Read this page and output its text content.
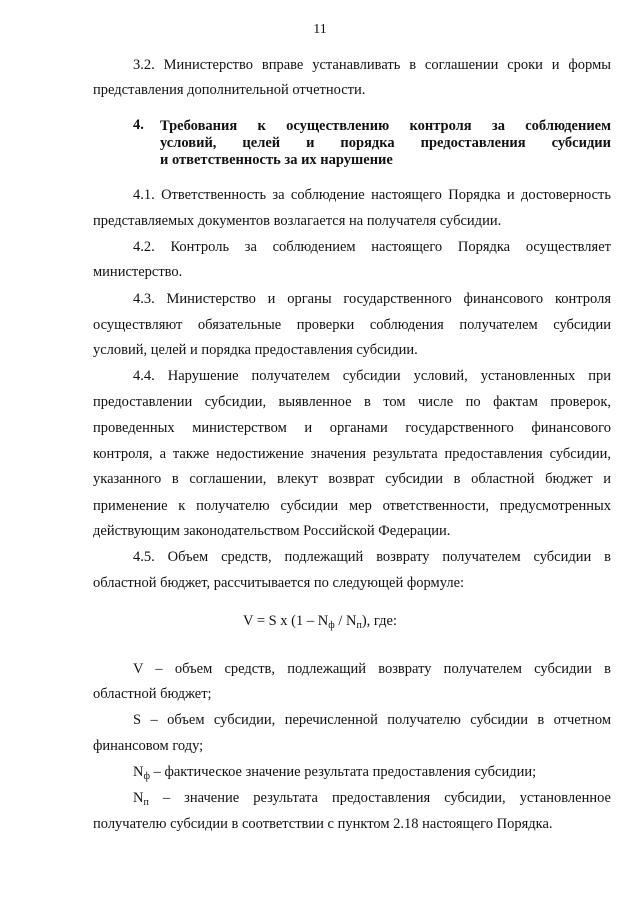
11
3.2. Министерство вправе устанавливать в соглашении сроки и формы
представления дополнительной отчетности.
4. Требования к осуществлению контроля за соблюдением
условий, целей и порядка предоставления субсидии
и ответственность за их нарушение
4.1. Ответственность за соблюдение настоящего Порядка и достоверность
представляемых документов возлагается на получателя субсидии.
4.2. Контроль за соблюдением настоящего Порядка осуществляет
министерство.
4.3. Министерство и органы государственного финансового контроля
осуществляют обязательные проверки соблюдения получателем субсидии
условий, целей и порядка предоставления субсидии.
4.4. Нарушение получателем субсидии условий, установленных при
предоставлении субсидии, выявленное в том числе по фактам проверок,
проведенных министерством и органами государственного финансового
контроля, а также недостижение значения результата предоставления субсидии,
указанного в соглашении, влекут возврат субсидии в областной бюджет и
применение к получателю субсидии мер ответственности, предусмотренных
действующим законодательством Российской Федерации.
4.5. Объем средств, подлежащий возврату получателем субсидии в
областной бюджет, рассчитывается по следующей формуле:
V = S x $(1 - N_ф / N_п)$, где:
V – объем средств, подлежащий возврату получателем субсидии в
областной бюджет;
S – объем субсидии, перечисленной получателю субсидии в отчетном
финансовом году;
$N_ф$ – фактическое значение результата предоставления субсидии;
$N_п$ – значение результата предоставления субсидии, установленное
получателю субсидии в соответствии с пунктом 2.18 настоящего Порядка.
